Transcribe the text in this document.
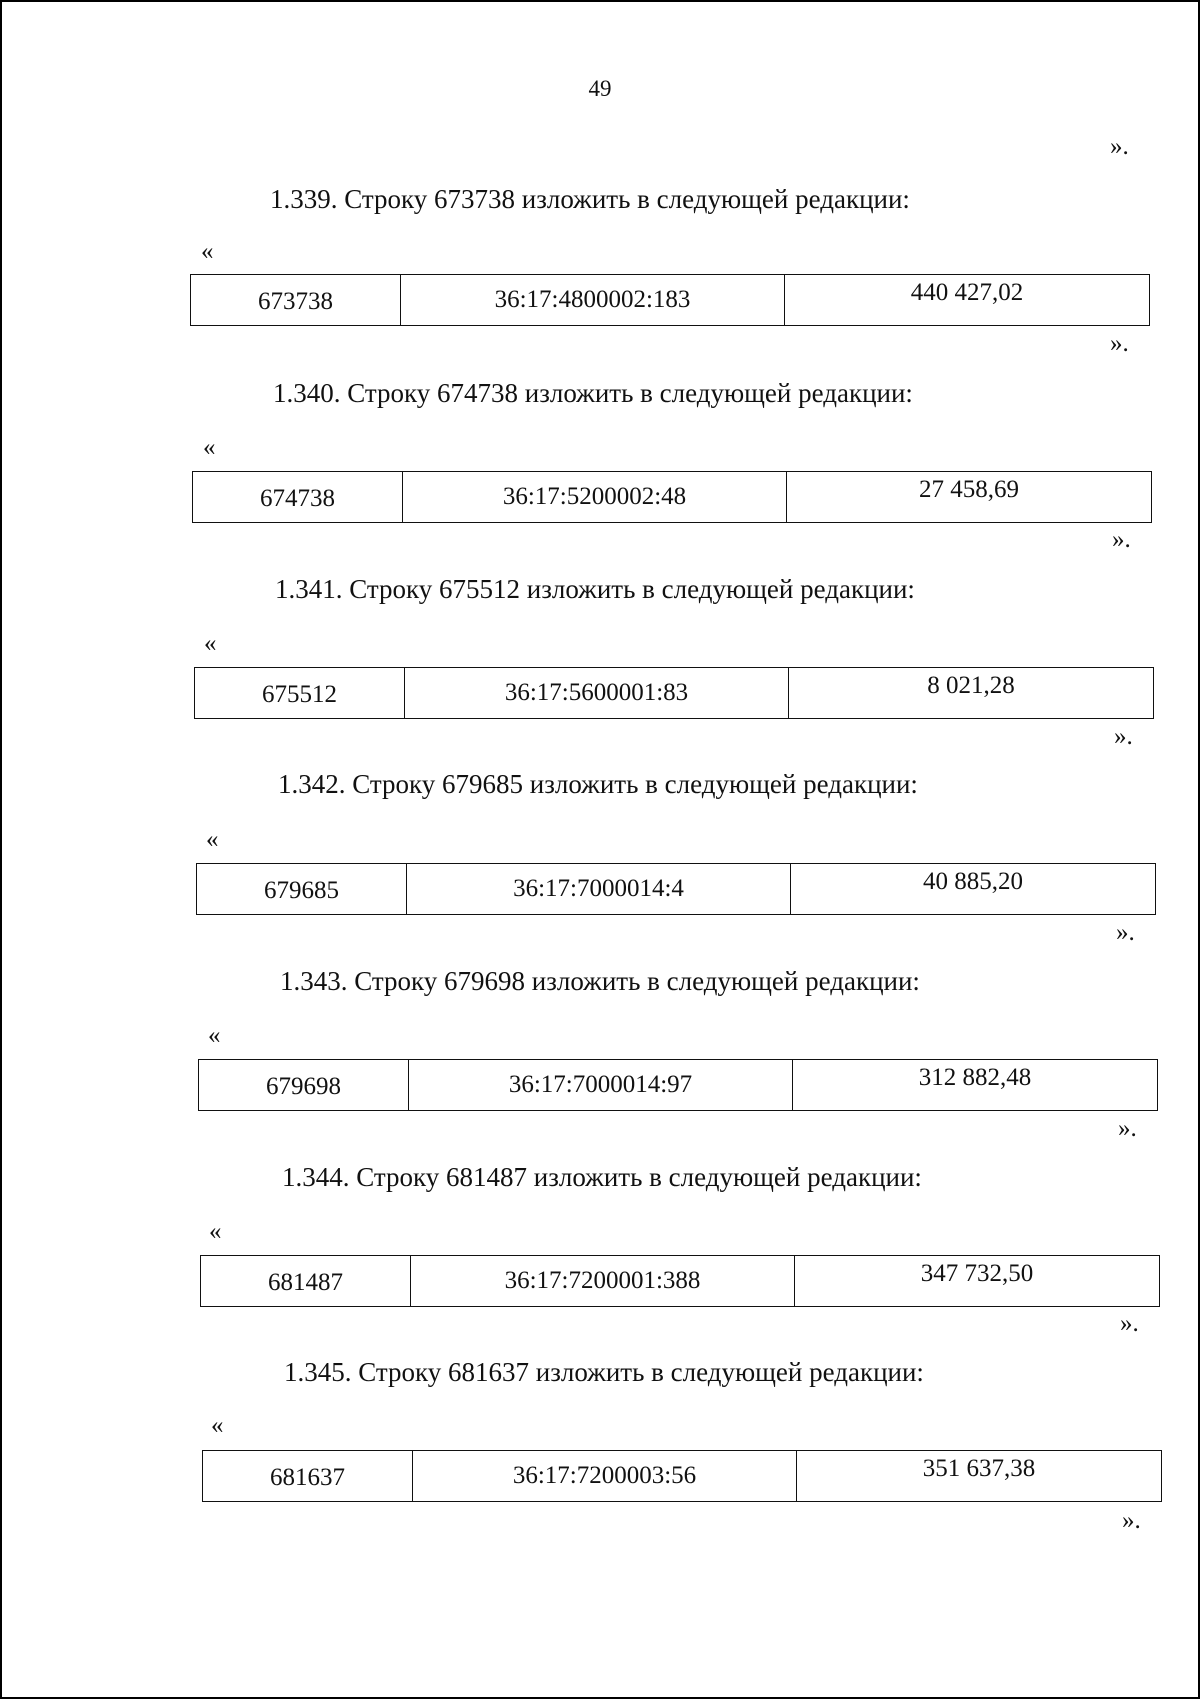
49
».
1.339. Строку 673738 изложить в следующей редакции:
«
673738	36:17:4800002:183	440 427,02
».
1.340. Строку 674738 изложить в следующей редакции:
«
674738	36:17:5200002:48	27 458,69
».
1.341. Строку 675512 изложить в следующей редакции:
«
675512	36:17:5600001:83	8 021,28
».
1.342. Строку 679685 изложить в следующей редакции:
«
679685	36:17:7000014:4	40 885,20
».
1.343. Строку 679698 изложить в следующей редакции:
«
679698	36:17:7000014:97	312 882,48
».
1.344. Строку 681487 изложить в следующей редакции:
«
681487	36:17:7200001:388	347 732,50
».
1.345. Строку 681637 изложить в следующей редакции:
«
681637	36:17:7200003:56	351 637,38
».
